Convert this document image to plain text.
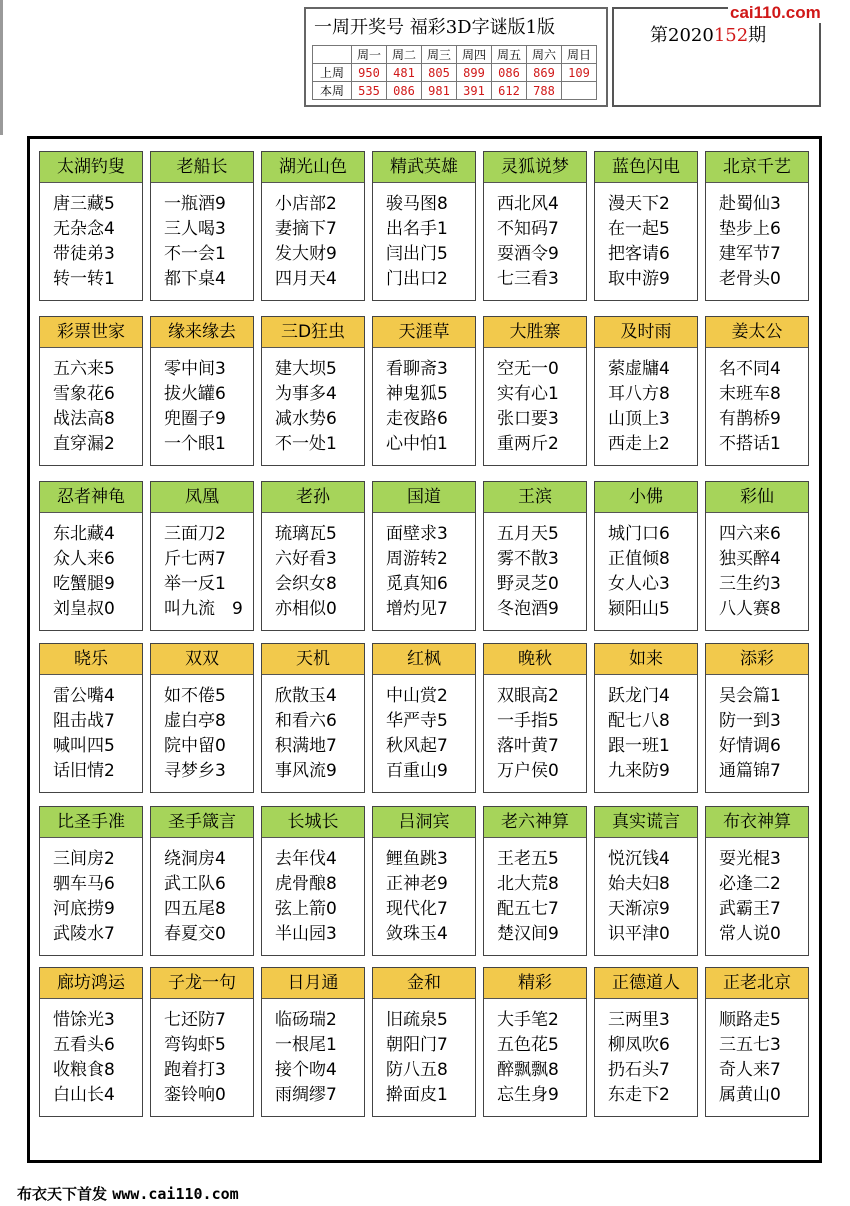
一周开奖号 福彩3D字谜版1版
	周一	周二	周三	周四	周五	周六	周日
上周	950	481	805	899	086	869	109
本周	535	086	981	391	612	788	
第2020152期
cai110.com
太湖钓叟
唐三藏5
无杂念4
带徒弟3
转一转1
老船长
一瓶酒9
三人喝3
不一会1
都下桌4
湖光山色
小店部2
妻摘下7
发大财9
四月天4
精武英雄
骏马图8
出名手1
闫出门5
门出口2
灵狐说梦
西北风4
不知码7
耍酒令9
七三看3
蓝色闪电
漫天下2
在一起5
把客请6
取中游9
北京千艺
赴蜀仙3
垫步上6
建军节7
老骨头0
彩票世家
五六来5
雪象花6
战法高8
直穿漏2
缘来缘去
零中间3
拔火罐6
兜圈子9
一个眼1
三D狂虫
建大坝5
为事多4
减水势6
不一处1
天涯草
看聊斋3
神鬼狐5
走夜路6
心中怕1
大胜寨
空无一0
实有心1
张口要3
重两斤2
及时雨
萦虚牗4
耳八方8
山顶上3
西走上2
姜太公
名不同4
末班车8
有鹊桥9
不搭话1
忍者神龟
东北藏4
众人来6
吃蟹腿9
刘皇叔0
凤凰
三面刀2
斤七两7
举一反1
叫九流　9
老孙
琉璃瓦5
六好看3
会织女8
亦相似0
国道
面壁求3
周游转2
觅真知6
增灼见7
王滨
五月天5
雾不散3
野灵芝0
冬泡酒9
小佛
城门口6
正值倾8
女人心3
颍阳山5
彩仙
四六来6
独买醉4
三生约3
八人赛8
晓乐
雷公嘴4
阻击战7
喊叫四5
话旧情2
双双
如不倦5
虚白亭8
院中留0
寻梦乡3
天机
欣散玉4
和看六6
积满地7
事风流9
红枫
中山赏2
华严寺5
秋风起7
百重山9
晚秋
双眼高2
一手指5
落叶黄7
万户侯0
如来
跃龙门4
配七八8
跟一班1
九来防9
添彩
吴会篇1
防一到3
好情调6
通篇锦7
比圣手准
三间房2
驷车马6
河底捞9
武陵水7
圣手箴言
绕洞房4
武工队6
四五尾8
春夏交0
长城长
去年伐4
虎骨酿8
弦上箭0
半山园3
吕洞宾
鲤鱼跳3
正神老9
现代化7
敛珠玉4
老六神算
王老五5
北大荒8
配五七7
楚汉间9
真实谎言
悦沉钱4
始夫妇8
天渐凉9
识平津0
布衣神算
耍光棍3
必逢二2
武霸王7
常人说0
廊坊鸿运
惜馀光3
五看头6
收粮食8
白山长4
子龙一句
七还防7
弯钩虾5
跑着打3
銮铃响0
日月通
临砀瑞2
一根尾1
接个吻4
雨绸缪7
金和
旧疏泉5
朝阳门7
防八五8
擀面皮1
精彩
大手笔2
五色花5
醉飘飘8
忘生身9
正德道人
三两里3
柳凤吹6
扔石头7
东走下2
正老北京
顺路走5
三五七3
奇人来7
属黄山0
布衣天下首发 www.cai110.com
